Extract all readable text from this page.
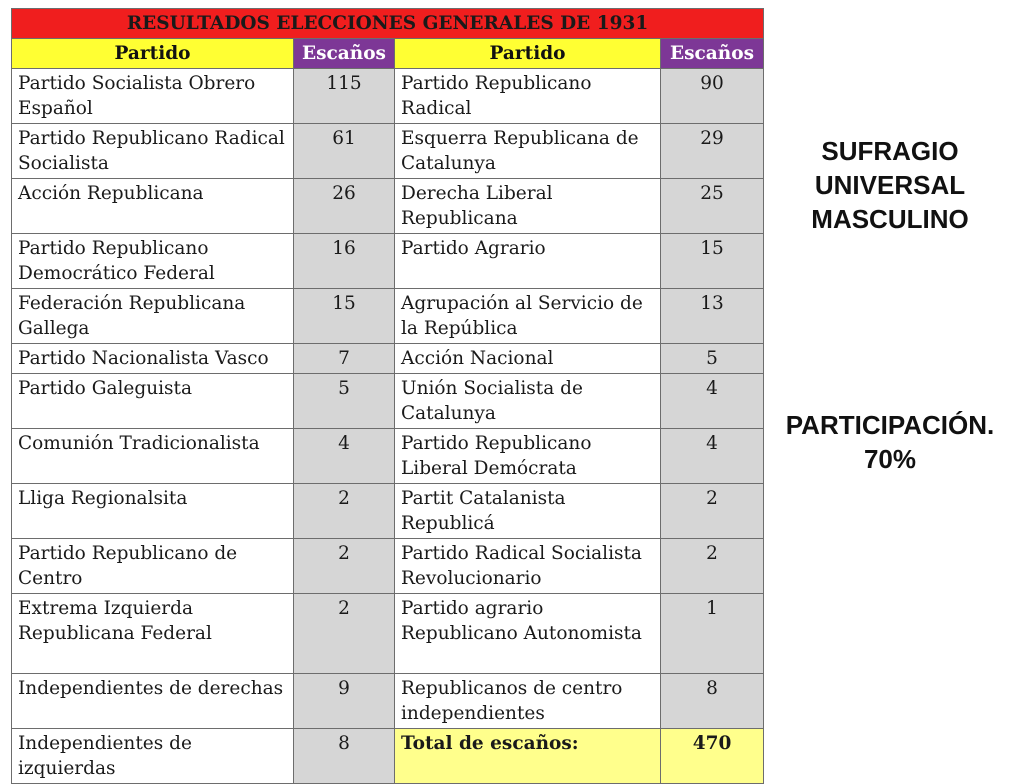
RESULTADOS ELECCIONES GENERALES DE 1931			
Partido	Escaños	Partido	Escaños
Partido Socialista Obrero Español	115	Partido Republicano Radical	90
Partido Republicano Radical Socialista	61	Esquerra Republicana de Catalunya	29
Acción Republicana	26	Derecha Liberal Republicana	25
Partido Republicano Democrático Federal	16	Partido Agrario	15
Federación Republicana Gallega	15	Agrupación al Servicio de la República	13
Partido Nacionalista Vasco	7	Acción Nacional	5
Partido Galeguista	5	Unión Socialista de Catalunya	4
Comunión Tradicionalista	4	Partido Republicano Liberal Demócrata	4
Lliga Regionalsita	2	Partit Catalanista Republicá	2
Partido Republicano de Centro	2	Partido Radical Socialista Revolucionario	2
Extrema Izquierda Republicana Federal	2	Partido agrario Republicano Autonomista	1
Independientes de derechas	9	Republicanos de centro independientes	8
Independientes de izquierdas	8	Total de escaños:	470
SUFRAGIO
UNIVERSAL
MASCULINO
PARTICIPACIÓN.
70%
